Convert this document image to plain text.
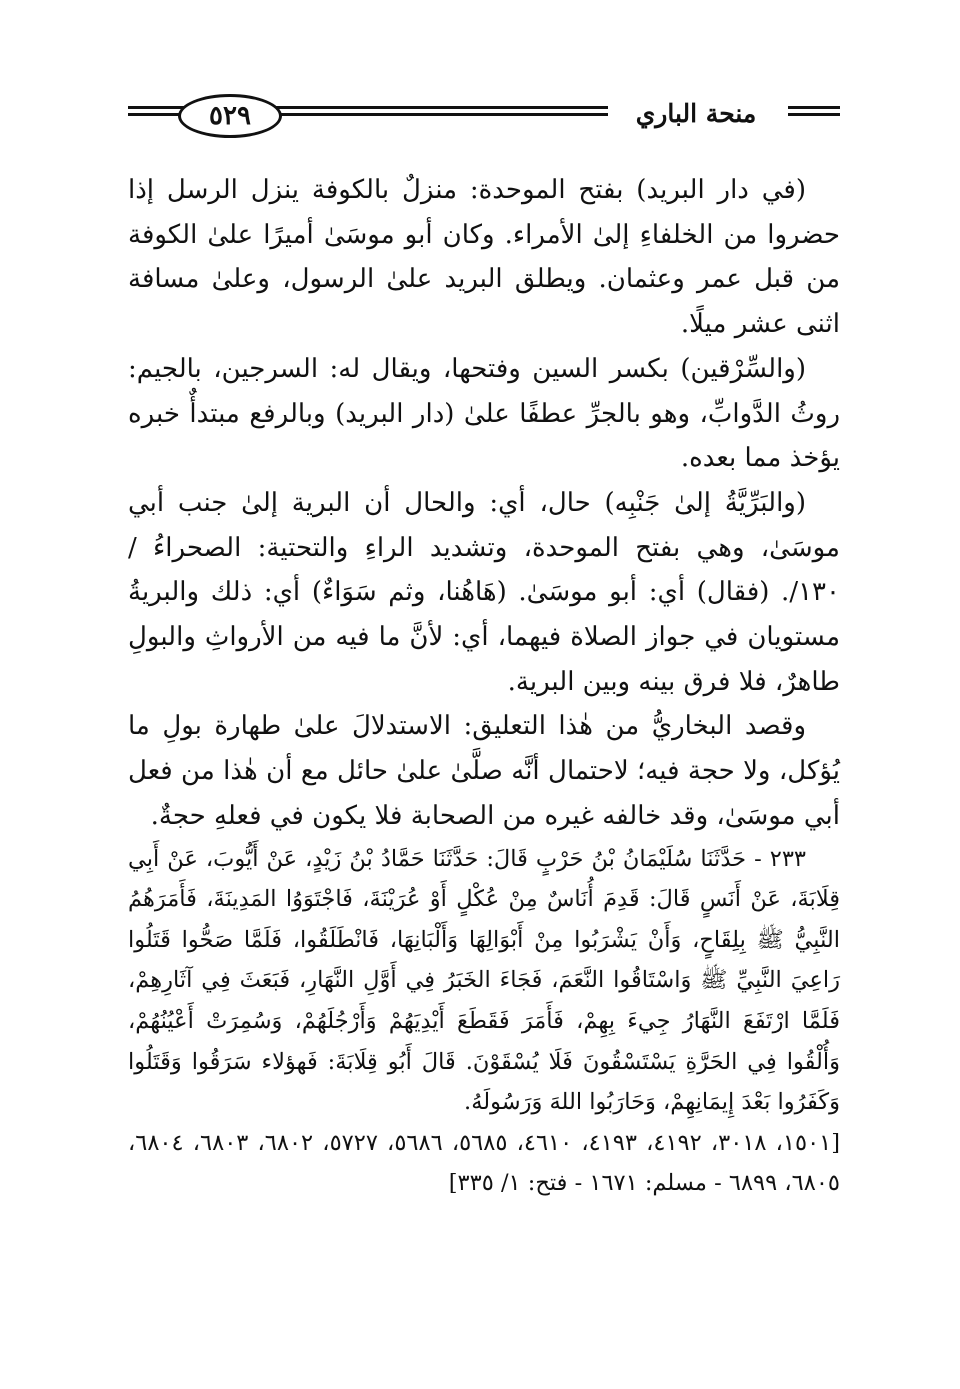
٥٢٩	منحة الباري

(في دار البريد) بفتح الموحدة: منزلٌ بالكوفة ينزل الرسل إذا حضروا من الخلفاءِ إلىٰ الأمراء. وكان أبو موسَىٰ أميرًا علىٰ الكوفة من قبل عمر وعثمان. ويطلق البريد علىٰ الرسول، وعلىٰ مسافة اثنى عشر ميلًا.

(والسِّرْقين) بكسر السين وفتحها، ويقال له: السرجين، بالجيم: روثُ الدَّوابِّ، وهو بالجرِّ عطفًا علىٰ (دار البريد) وبالرفع مبتدأٌ خبره يؤخذ مما بعده.

(والبَرِّيَّةُ إلىٰ جَنْبِه) حال، أي: والحال أن البرية إلىٰ جنب أبي موسَىٰ، وهي بفتح الموحدة، وتشديد الراءِ والتحتية: الصحراءُ / ١٣٠/. (فقال) أي: أبو موسَىٰ. (هَاهُنا، وثم سَوَاءٌ) أي: ذلك والبريةُ مستويان في جواز الصلاة فيهما، أي: لأنَّ ما فيه من الأرواثِ والبولِ طاهرٌ، فلا فرق بينه وبين البرية.

وقصد البخاريُّ من هٰذا التعليق: الاستدلالَ علىٰ طهارة بولِ ما يُؤكل، ولا حجة فيه؛ لاحتمال أنَّه صلَّىٰ علىٰ حائل مع أن هٰذا من فعل أبي موسَىٰ، وقد خالفه غيره من الصحابة فلا يكون في فعلهِ حجةٌ.

٢٣٣ - حَدَّثَنَا سُلَيْمَانُ بْنُ حَرْبٍ قَالَ: حَدَّثَنَا حَمَّادُ بْنُ زَيْدٍ، عَنْ أَيُّوبَ، عَنْ أَبِي قِلَابَةَ، عَنْ أَنَسٍ قَالَ: قَدِمَ أُنَاسٌ مِنْ عُكْلٍ أَوْ عُرَيْنَةَ، فَاجْتَوَوُا المَدِينَةَ، فَأَمَرَهُمُ النَّبِيُّ ﷺ بِلِقَاحٍ، وَأَنْ يَشْرَبُوا مِنْ أَبْوَالِهَا وَأَلْبَانِهَا، فَانْطَلَقُوا، فَلَمَّا صَحُّوا قَتَلُوا رَاعِيَ النَّبِيِّ ﷺ وَاسْتَاقُوا النَّعَمَ، فَجَاءَ الخَبَرُ فِي أَوَّلِ النَّهَارِ، فَبَعَثَ فِي آثَارِهِمْ، فَلَمَّا ارْتَفَعَ النَّهَارُ جِيءَ بِهِمْ، فَأَمَرَ فَقَطَعَ أَيْدِيَهُمْ وَأَرْجُلَهُمْ، وَسُمِرَتْ أَعْيُنُهُمْ، وَأُلْقُوا فِي الحَرَّةِ يَسْتَسْقُونَ فَلَا يُسْقَوْنَ. قَالَ أَبُو قِلَابَةَ: فَهؤلاء سَرَقُوا وَقَتَلُوا وَكَفَرُوا بَعْدَ إِيمَانِهِمْ، وَحَارَبُوا اللهَ وَرَسُولَهُ.

[١٥٠١، ٣٠١٨، ٤١٩٢، ٤١٩٣، ٤٦١٠، ٥٦٨٥، ٥٦٨٦، ٥٧٢٧، ٦٨٠٢، ٦٨٠٣، ٦٨٠٤، ٦٨٠٥، ٦٨٩٩ - مسلم: ١٦٧١ - فتح: ١/ ٣٣٥]
